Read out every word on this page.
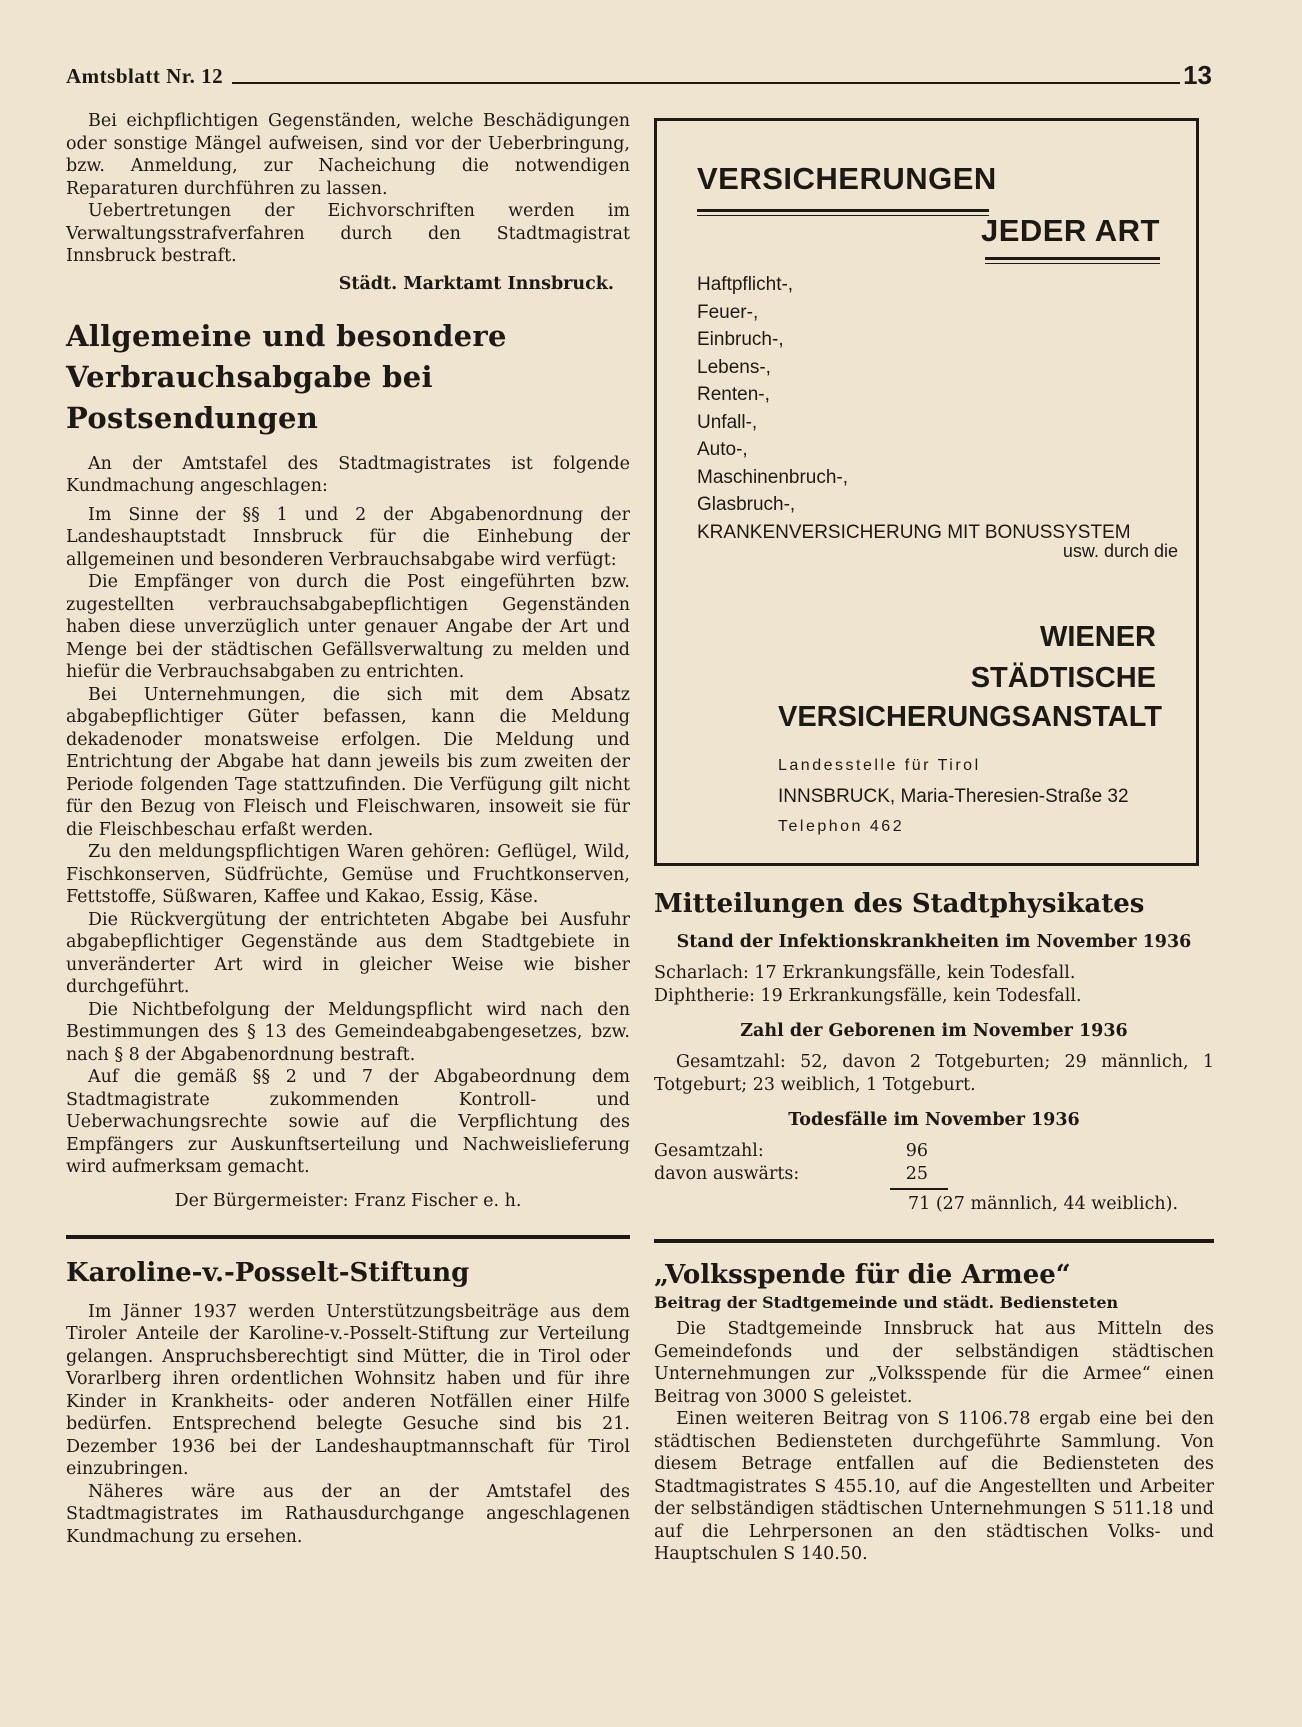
Amtsblatt Nr. 12	13

Bei eichpflichtigen Gegenständen, welche Beschädigungen oder sonstige Mängel aufweisen, sind vor der Ueberbringung, bzw. Anmeldung, zur Nacheichung die notwendigen Reparaturen durchführen zu lassen.

Uebertretungen der Eichvorschriften werden im Verwaltungsstrafverfahren durch den Stadtmagistrat Innsbruck bestraft.

Städt. Marktamt Innsbruck.
Allgemeine und besondere
Verbrauchsabgabe bei Postsendungen

An der Amtstafel des Stadtmagistrates ist folgende Kundmachung angeschlagen:

Im Sinne der §§ 1 und 2 der Abgabenordnung der Landeshauptstadt Innsbruck für die Einhebung der allgemeinen und besonderen Verbrauchsabgabe wird verfügt:

Die Empfänger von durch die Post eingeführten bzw. zugestellten verbrauchsabgabepflichtigen Gegenständen haben diese unverzüglich unter genauer Angabe der Art und Menge bei der städtischen Gefällsverwaltung zu melden und hiefür die Verbrauchsabgaben zu entrichten.

Bei Unternehmungen, die sich mit dem Absatz abgabepflichtiger Güter befassen, kann die Meldung dekadenoder monatsweise erfolgen. Die Meldung und Entrichtung der Abgabe hat dann jeweils bis zum zweiten der Periode folgenden Tage stattzufinden. Die Verfügung gilt nicht für den Bezug von Fleisch und Fleischwaren, insoweit sie für die Fleischbeschau erfaßt werden.

Zu den meldungspflichtigen Waren gehören: Geflügel, Wild, Fischkonserven, Südfrüchte, Gemüse und Fruchtkonserven, Fettstoffe, Süßwaren, Kaffee und Kakao, Essig, Käse.

Die Rückvergütung der entrichteten Abgabe bei Ausfuhr abgabepflichtiger Gegenstände aus dem Stadtgebiete in unveränderter Art wird in gleicher Weise wie bisher durchgeführt.

Die Nichtbefolgung der Meldungspflicht wird nach den Bestimmungen des § 13 des Gemeindeabgabengesetzes, bzw. nach § 8 der Abgabenordnung bestraft.

Auf die gemäß §§ 2 und 7 der Abgabeordnung dem Stadtmagistrate zukommenden Kontroll- und Ueberwachungsrechte sowie auf die Verpflichtung des Empfängers zur Auskunftserteilung und Nachweislieferung wird aufmerksam gemacht.

Der Bürgermeister: Franz Fischer e. h.
Karoline-v.-Posselt-Stiftung

Im Jänner 1937 werden Unterstützungsbeiträge aus dem Tiroler Anteile der Karoline-v.-Posselt-Stiftung zur Verteilung gelangen. Anspruchsberechtigt sind Mütter, die in Tirol oder Vorarlberg ihren ordentlichen Wohnsitz haben und für ihre Kinder in Krankheits- oder anderen Notfällen einer Hilfe bedürfen. Entsprechend belegte Gesuche sind bis 21. Dezember 1936 bei der Landeshauptmannschaft für Tirol einzubringen.

Näheres wäre aus der an der Amtstafel des Stadtmagistrates im Rathausdurchgange angeschlagenen Kundmachung zu ersehen.

VERSICHERUNGEN
JEDER ART
Haftpflicht-,
Feuer-,
Einbruch-,
Lebens-,
Renten-,
Unfall-,
Auto-,
Maschinenbruch-,
Glasbruch-,
KRANKENVERSICHERUNG MIT BONUSSYSTEM
usw. durch die
WIENER
STÄDTISCHE
VERSICHERUNGSANSTALT
Landesstelle für Tirol
INNSBRUCK, Maria-Theresien-Straße 32
Telephon 462
Mitteilungen des Stadtphysikates
Stand der Infektionskrankheiten im November 1936

Scharlach: 17 Erkrankungsfälle, kein Todesfall.

Diphtherie: 19 Erkrankungsfälle, kein Todesfall.

Zahl der Geborenen im November 1936

Gesamtzahl: 52, davon 2 Totgeburten; 29 männlich, 1 Totgeburt; 23 weiblich, 1 Totgeburt.

Todesfälle im November 1936
Gesamtzahl:	96
davon auswärts:	25
71 (27 männlich, 44 weiblich).
„Volksspende für die Armee“
Beitrag der Stadtgemeinde und städt. Bediensteten

Die Stadtgemeinde Innsbruck hat aus Mitteln des Gemeindefonds und der selbständigen städtischen Unternehmungen zur „Volksspende für die Armee“ einen Beitrag von 3000 S geleistet.

Einen weiteren Beitrag von S 1106.78 ergab eine bei den städtischen Bediensteten durchgeführte Sammlung. Von diesem Betrage entfallen auf die Bediensteten des Stadtmagistrates S 455.10, auf die Angestellten und Arbeiter der selbständigen städtischen Unternehmungen S 511.18 und auf die Lehrpersonen an den städtischen Volks- und Hauptschulen S 140.50.
